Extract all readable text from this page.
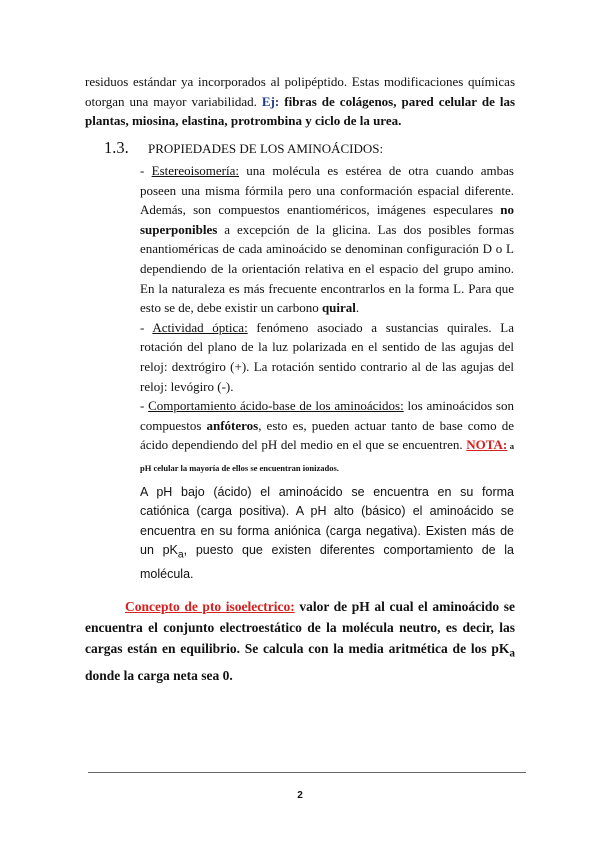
residuos estándar ya incorporados al polipéptido. Estas modificaciones químicas otorgan una mayor variabilidad. Ej: fibras de colágenos, pared celular de las plantas, miosina, elastina, protrombina y ciclo de la urea.
1.3. PROPIEDADES DE LOS AMINOÁCIDOS:

- Estereoisomería: una molécula es estérea de otra cuando ambas poseen una misma fórmila pero una conformación espacial diferente. Además, son compuestos enantioméricos, imágenes especulares no superponibles a excepción de la glicina. Las dos posibles formas enantioméricas de cada aminoácido se denominan configuración D o L dependiendo de la orientación relativa en el espacio del grupo amino. En la naturaleza es más frecuente encontrarlos en la forma L. Para que esto se de, debe existir un carbono quiral.

- Actividad óptica: fenómeno asociado a sustancias quirales. La rotación del plano de la luz polarizada en el sentido de las agujas del reloj: dextrógiro (+). La rotación sentido contrario al de las agujas del reloj: levógiro (-).

- Comportamiento ácido-base de los aminoácidos: los aminoácidos son compuestos anfóteros, esto es, pueden actuar tanto de base como de ácido dependiendo del pH del medio en el que se encuentren. NOTA: a pH celular la mayoría de ellos se encuentran ionizados.

A pH bajo (ácido) el aminoácido se encuentra en su forma catiónica (carga positiva). A pH alto (básico) el aminoácido se encuentra en su forma aniónica (carga negativa). Existen más de un $pK_a$, puesto que existen diferentes comportamiento de la molécula.

Concepto de pto isoelectrico: valor de pH al cual el aminoácido se encuentra el conjunto electroestático de la molécula neutro, es decir, las cargas están en equilibrio. Se calcula con la media aritmética de los $pK_a$ donde la carga neta sea 0.
2
